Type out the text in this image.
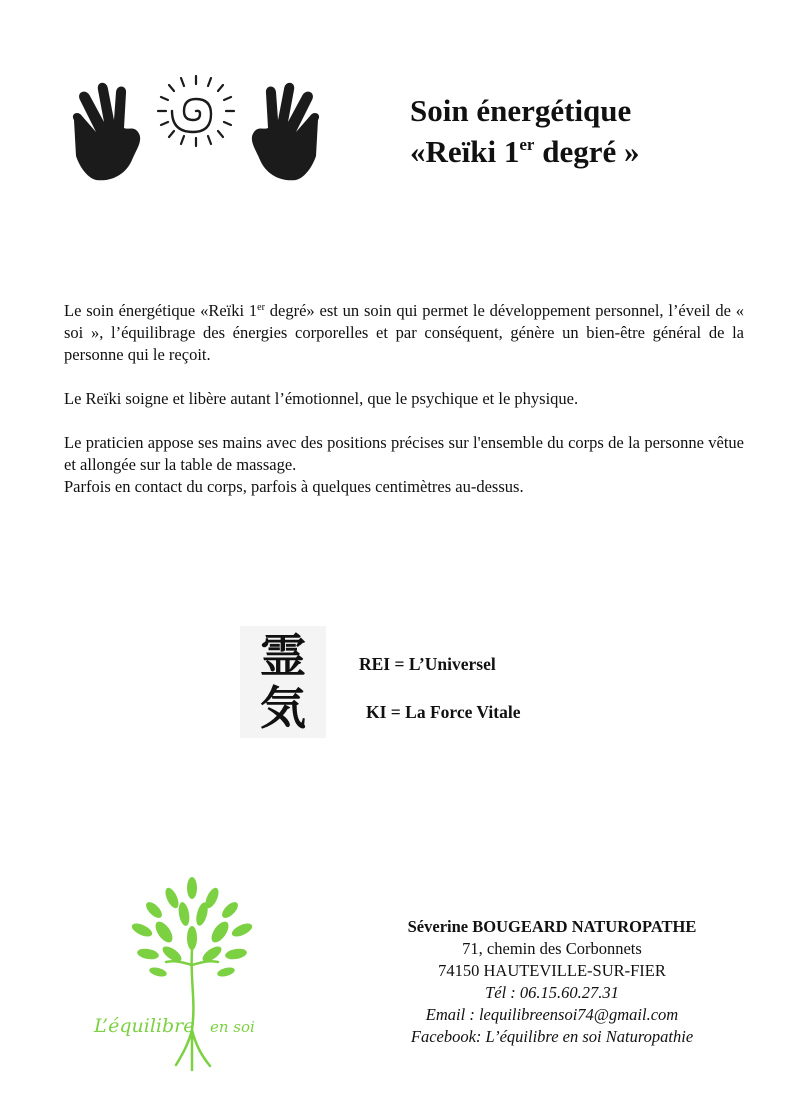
Soin énergétique
«Reïki 1er degré »

Le soin énergétique «Reïki 1er degré» est un soin qui permet le développement personnel, l’éveil de « soi », l’équilibrage des énergies corporelles et par conséquent, génère un bien-être général de la personne qui le reçoit.

Le Reïki soigne et libère autant l’émotionnel, que le psychique et le physique.

Le praticien appose ses mains avec des positions précises sur l'ensemble du corps de la personne vêtue et allongée sur la table de massage.

Parfois en contact du corps, parfois à quelques centimètres au-dessus.

霊
気
REI = L’Universel
KI = La Force Vitale
L’équilibre en soi
Séverine BOUGEARD NATUROPATHE
71, chemin des Corbonnets
74150 HAUTEVILLE-SUR-FIER
Tél : 06.15.60.27.31
Email : lequilibreensoi74@gmail.com
Facebook: L’équilibre en soi Naturopathie
